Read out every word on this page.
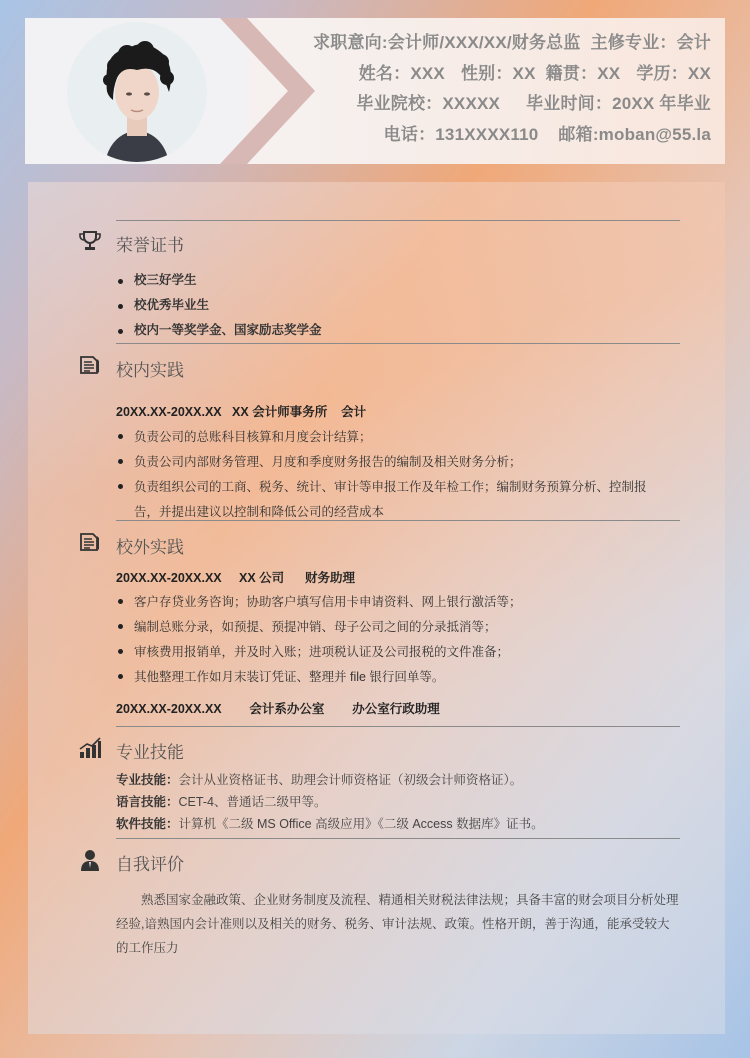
求职意向:会计师/XXX/XX/财务总监 主修专业：会计
姓名：XXX 性别：XX 籍贯：XX 学历：XX
毕业院校：XXXXX 毕业时间：20XX 年毕业
电话：131XXXX110 邮箱:moban@55.la
荣誉证书
校三好学生
校优秀毕业生
校内一等奖学金、国家励志奖学金
校内实践
20XX.XX-20XX.XX XX 会计师事务所 会计
负责公司的总账科目核算和月度会计结算；
负责公司内部财务管理、月度和季度财务报告的编制及相关财务分析；
负责组织公司的工商、税务、统计、审计等申报工作及年检工作；编制财务预算分析、控制报告，并提出建议以控制和降低公司的经营成本
校外实践
20XX.XX-20XX.XX XX 公司 财务助理
客户存贷业务咨询；协助客户填写信用卡申请资料、网上银行激活等；
编制总账分录，如预提、预提冲销、母子公司之间的分录抵消等；
审核费用报销单，并及时入账；进项税认证及公司报税的文件准备；
其他整理工作如月末装订凭证、整理并 file 银行回单等。
20XX.XX-20XX.XX 会计系办公室 办公室行政助理
专业技能
专业技能：会计从业资格证书、助理会计师资格证（初级会计师资格证）。
语言技能：CET-4、普通话二级甲等。
软件技能：计算机《二级 MS Office 高级应用》《二级 Access 数据库》证书。
自我评价
熟悉国家金融政策、企业财务制度及流程、精通相关财税法律法规；具备丰富的财会项目分析处理经验,谙熟国内会计准则以及相关的财务、税务、审计法规、政策。性格开朗，善于沟通，能承受较大的工作压力
